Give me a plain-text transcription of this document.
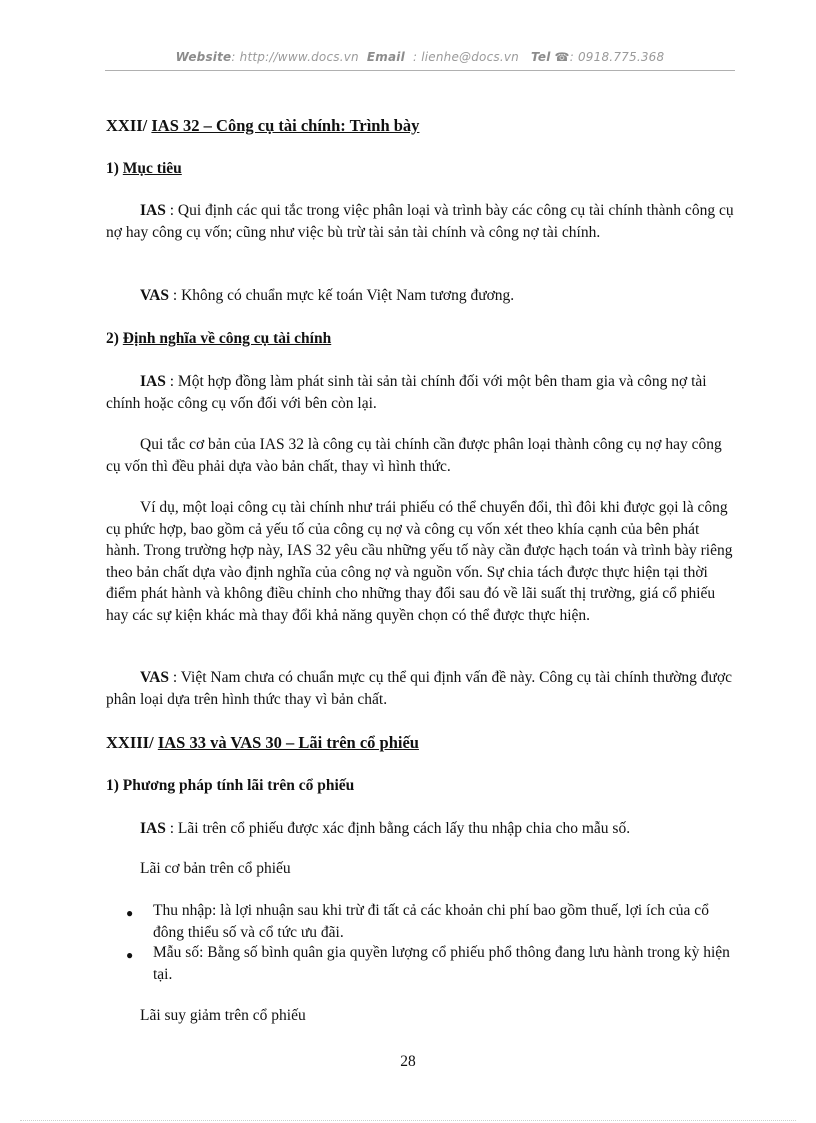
Website: http://www.docs.vn Email : lienhe@docs.vn Tel ☎: 0918.775.368
XXII/ IAS 32 – Công cụ tài chính: Trình bày
1) Mục tiêu
IAS : Qui định các qui tắc trong việc phân loại và trình bày các công cụ tài chính thành công cụ nợ hay công cụ vốn; cũng như việc bù trừ tài sản tài chính và công nợ tài chính.
VAS : Không có chuẩn mực kế toán Việt Nam tương đương.
2) Định nghĩa về công cụ tài chính
IAS : Một hợp đồng làm phát sinh tài sản tài chính đối với một bên tham gia và công nợ tài chính hoặc công cụ vốn đối với bên còn lại.
Qui tắc cơ bản của IAS 32 là công cụ tài chính cần được phân loại thành công cụ nợ hay công cụ vốn thì đều phải dựa vào bản chất, thay vì hình thức.
Ví dụ, một loại công cụ tài chính như trái phiếu có thể chuyển đổi, thì đôi khi được gọi là công cụ phức hợp, bao gồm cả yếu tố của công cụ nợ và công cụ vốn xét theo khía cạnh của bên phát hành. Trong trường hợp này, IAS 32 yêu cầu những yếu tố này cần được hạch toán và trình bày riêng theo bản chất dựa vào định nghĩa của công nợ và nguồn vốn. Sự chia tách được thực hiện tại thời điểm phát hành và không điều chỉnh cho những thay đổi sau đó về lãi suất thị trường, giá cổ phiếu hay các sự kiện khác mà thay đổi khả năng quyền chọn có thể được thực hiện.
VAS : Việt Nam chưa có chuẩn mực cụ thể qui định vấn đề này. Công cụ tài chính thường được phân loại dựa trên hình thức thay vì bản chất.
XXIII/ IAS 33 và VAS 30 – Lãi trên cổ phiếu
1) Phương pháp tính lãi trên cổ phiếu
IAS : Lãi trên cổ phiếu được xác định bằng cách lấy thu nhập chia cho mẫu số.
Lãi cơ bản trên cổ phiếu
● Thu nhập: là lợi nhuận sau khi trừ đi tất cả các khoản chi phí bao gồm thuế, lợi ích của cổ đông thiểu số và cổ tức ưu đãi.
● Mẫu số: Bằng số bình quân gia quyền lượng cổ phiếu phổ thông đang lưu hành trong kỳ hiện tại.
Lãi suy giảm trên cổ phiếu
28
